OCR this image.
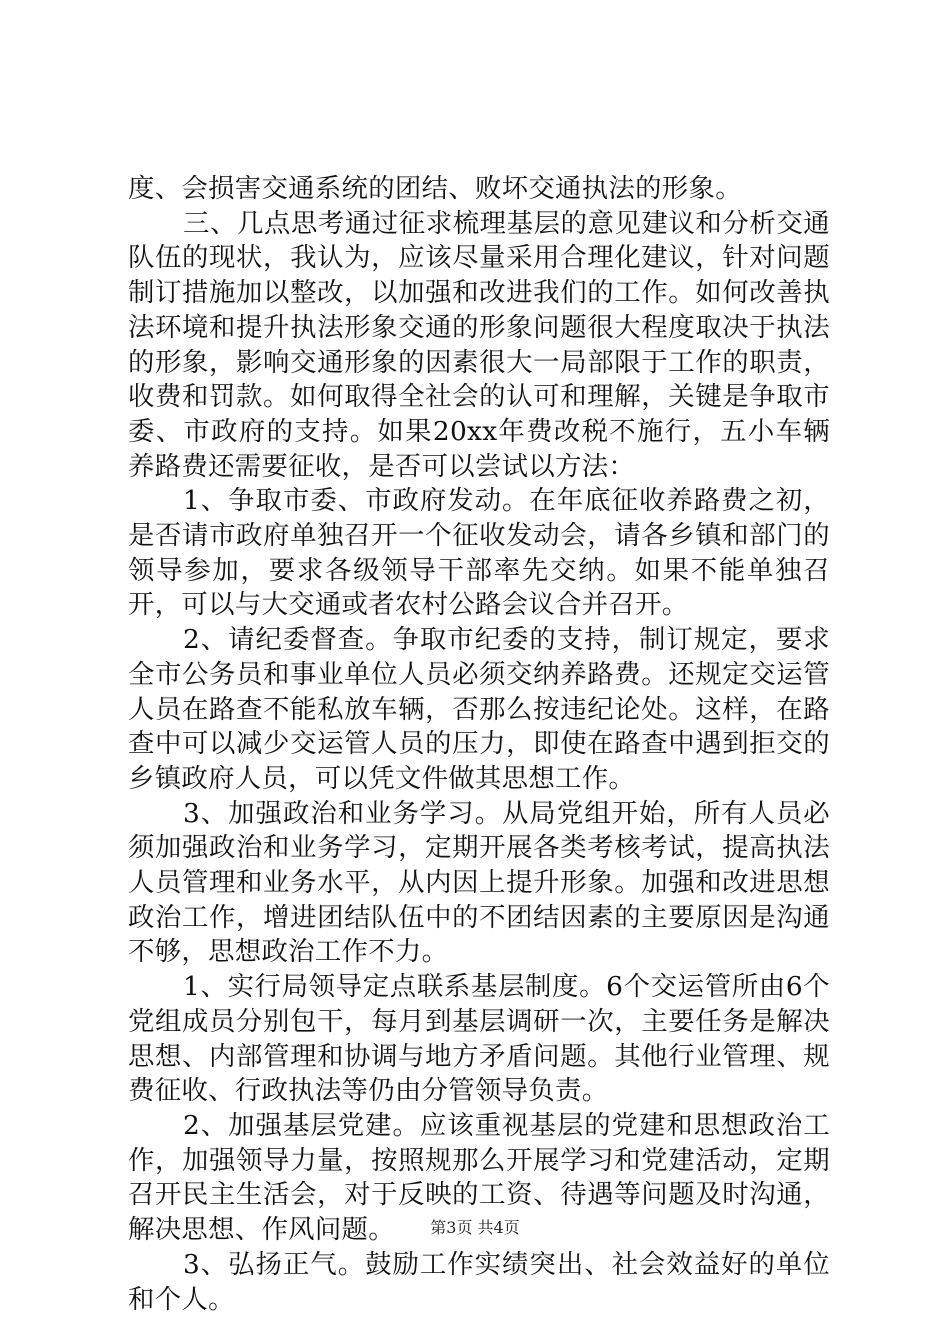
度、会损害交通系统的团结、败坏交通执法的形象。

三、几点思考通过征求梳理基层的意见建议和分析交通队伍的现状，我认为，应该尽量采用合理化建议，针对问题制订措施加以整改，以加强和改进我们的工作。如何改善执法环境和提升执法形象交通的形象问题很大程度取决于执法的形象，影响交通形象的因素很大一局部限于工作的职责，收费和罚款。如何取得全社会的认可和理解，关键是争取市委、市政府的支持。如果20xx年费改税不施行，五小车辆养路费还需要征收，是否可以尝试以方法：

1、争取市委、市政府发动。在年底征收养路费之初，是否请市政府单独召开一个征收发动会，请各乡镇和部门的领导参加，要求各级领导干部率先交纳。如果不能单独召开，可以与大交通或者农村公路会议合并召开。

2、请纪委督查。争取市纪委的支持，制订规定，要求全市公务员和事业单位人员必须交纳养路费。还规定交运管人员在路查不能私放车辆，否那么按违纪论处。这样，在路查中可以减少交运管人员的压力，即使在路查中遇到拒交的乡镇政府人员，可以凭文件做其思想工作。

3、加强政治和业务学习。从局党组开始，所有人员必须加强政治和业务学习，定期开展各类考核考试，提高执法人员管理和业务水平，从内因上提升形象。加强和改进思想政治工作，增进团结队伍中的不团结因素的主要原因是沟通不够，思想政治工作不力。

1、实行局领导定点联系基层制度。6个交运管所由6个党组成员分别包干，每月到基层调研一次，主要任务是解决思想、内部管理和协调与地方矛盾问题。其他行业管理、规费征收、行政执法等仍由分管领导负责。

2、加强基层党建。应该重视基层的党建和思想政治工作，加强领导力量，按照规那么开展学习和党建活动，定期召开民主生活会，对于反映的工资、待遇等问题及时沟通，解决思想、作风问题。

3、弘扬正气。鼓励工作实绩突出、社会效益好的单位和个人。

第3页 共4页
